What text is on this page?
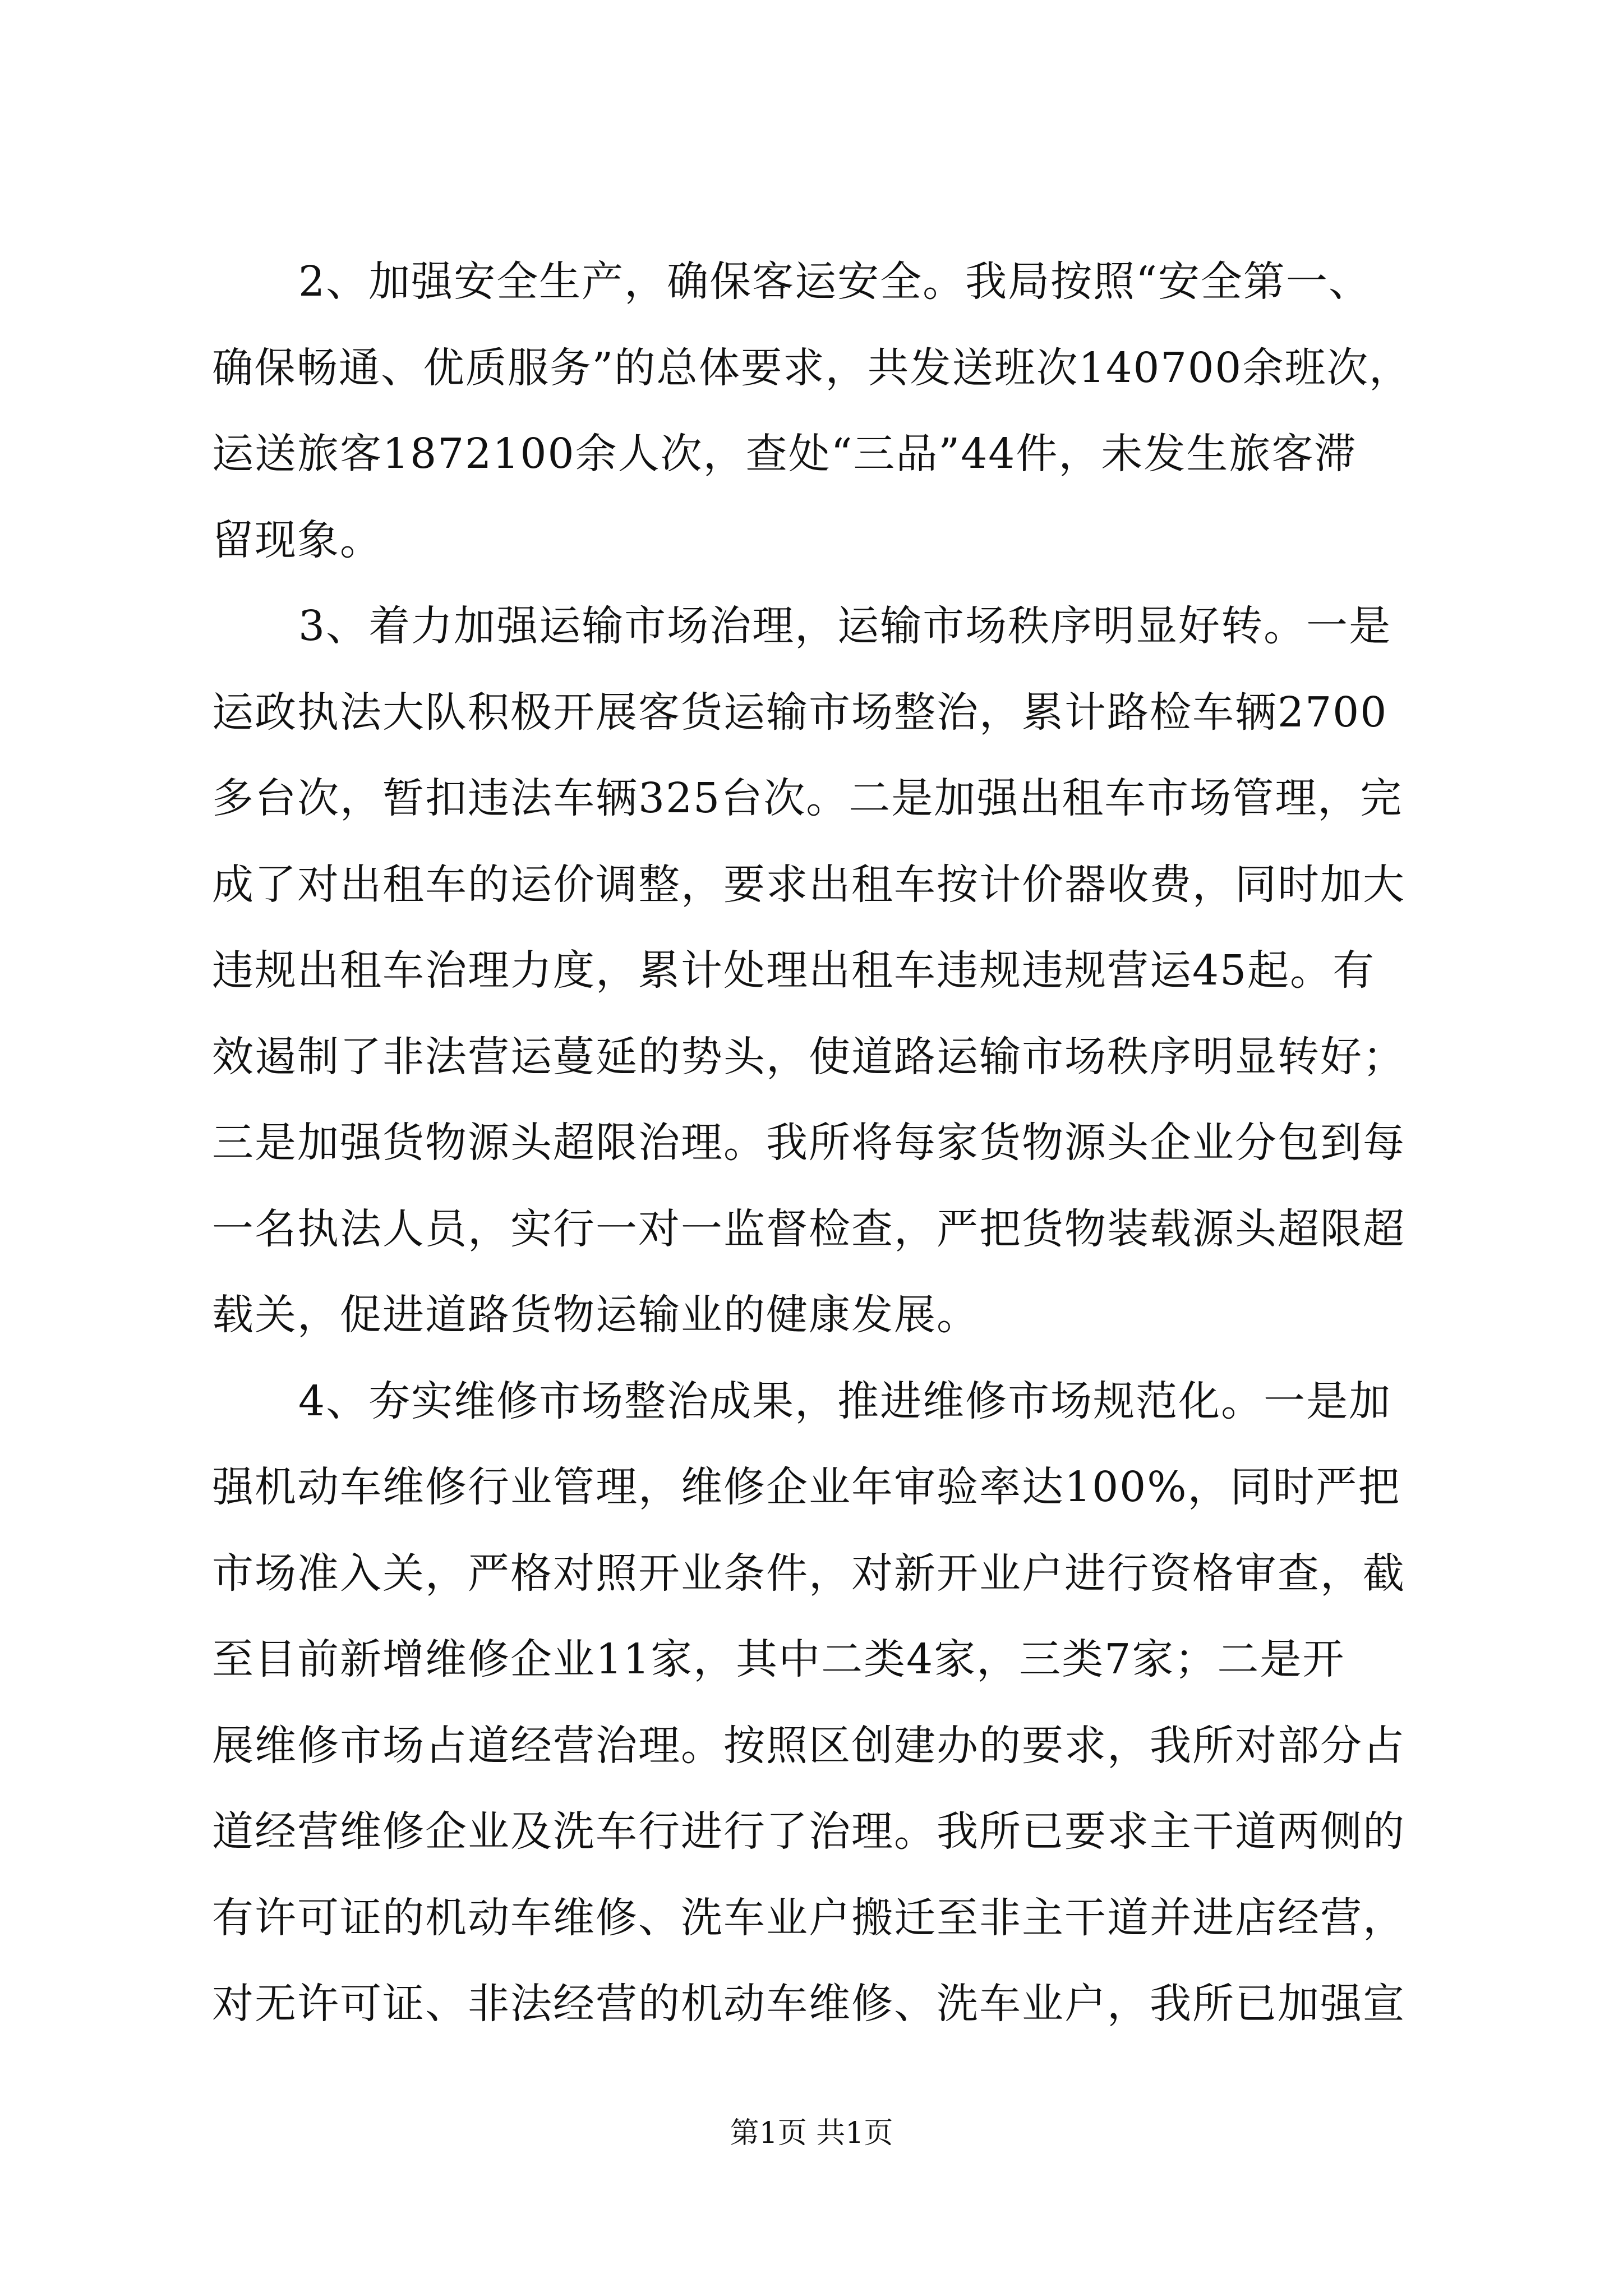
2、加强安全生产，确保客运安全。我局按照“安全第一、
确保畅通、优质服务”的总体要求，共发送班次140700余班次，
运送旅客1872100余人次，查处“三品”44件，未发生旅客滞
留现象。
3、着力加强运输市场治理，运输市场秩序明显好转。一是
运政执法大队积极开展客货运输市场整治，累计路检车辆2700
多台次，暂扣违法车辆325台次。二是加强出租车市场管理，完
成了对出租车的运价调整，要求出租车按计价器收费，同时加大
违规出租车治理力度，累计处理出租车违规违规营运45起。有
效遏制了非法营运蔓延的势头，使道路运输市场秩序明显转好；
三是加强货物源头超限治理。我所将每家货物源头企业分包到每
一名执法人员，实行一对一监督检查，严把货物装载源头超限超
载关，促进道路货物运输业的健康发展。
4、夯实维修市场整治成果，推进维修市场规范化。一是加
强机动车维修行业管理，维修企业年审验率达100%，同时严把
市场准入关，严格对照开业条件，对新开业户进行资格审查，截
至目前新增维修企业11家，其中二类4家，三类7家；二是开
展维修市场占道经营治理。按照区创建办的要求，我所对部分占
道经营维修企业及洗车行进行了治理。我所已要求主干道两侧的
有许可证的机动车维修、洗车业户搬迁至非主干道并进店经营，
对无许可证、非法经营的机动车维修、洗车业户，我所已加强宣
第1页 共1页
